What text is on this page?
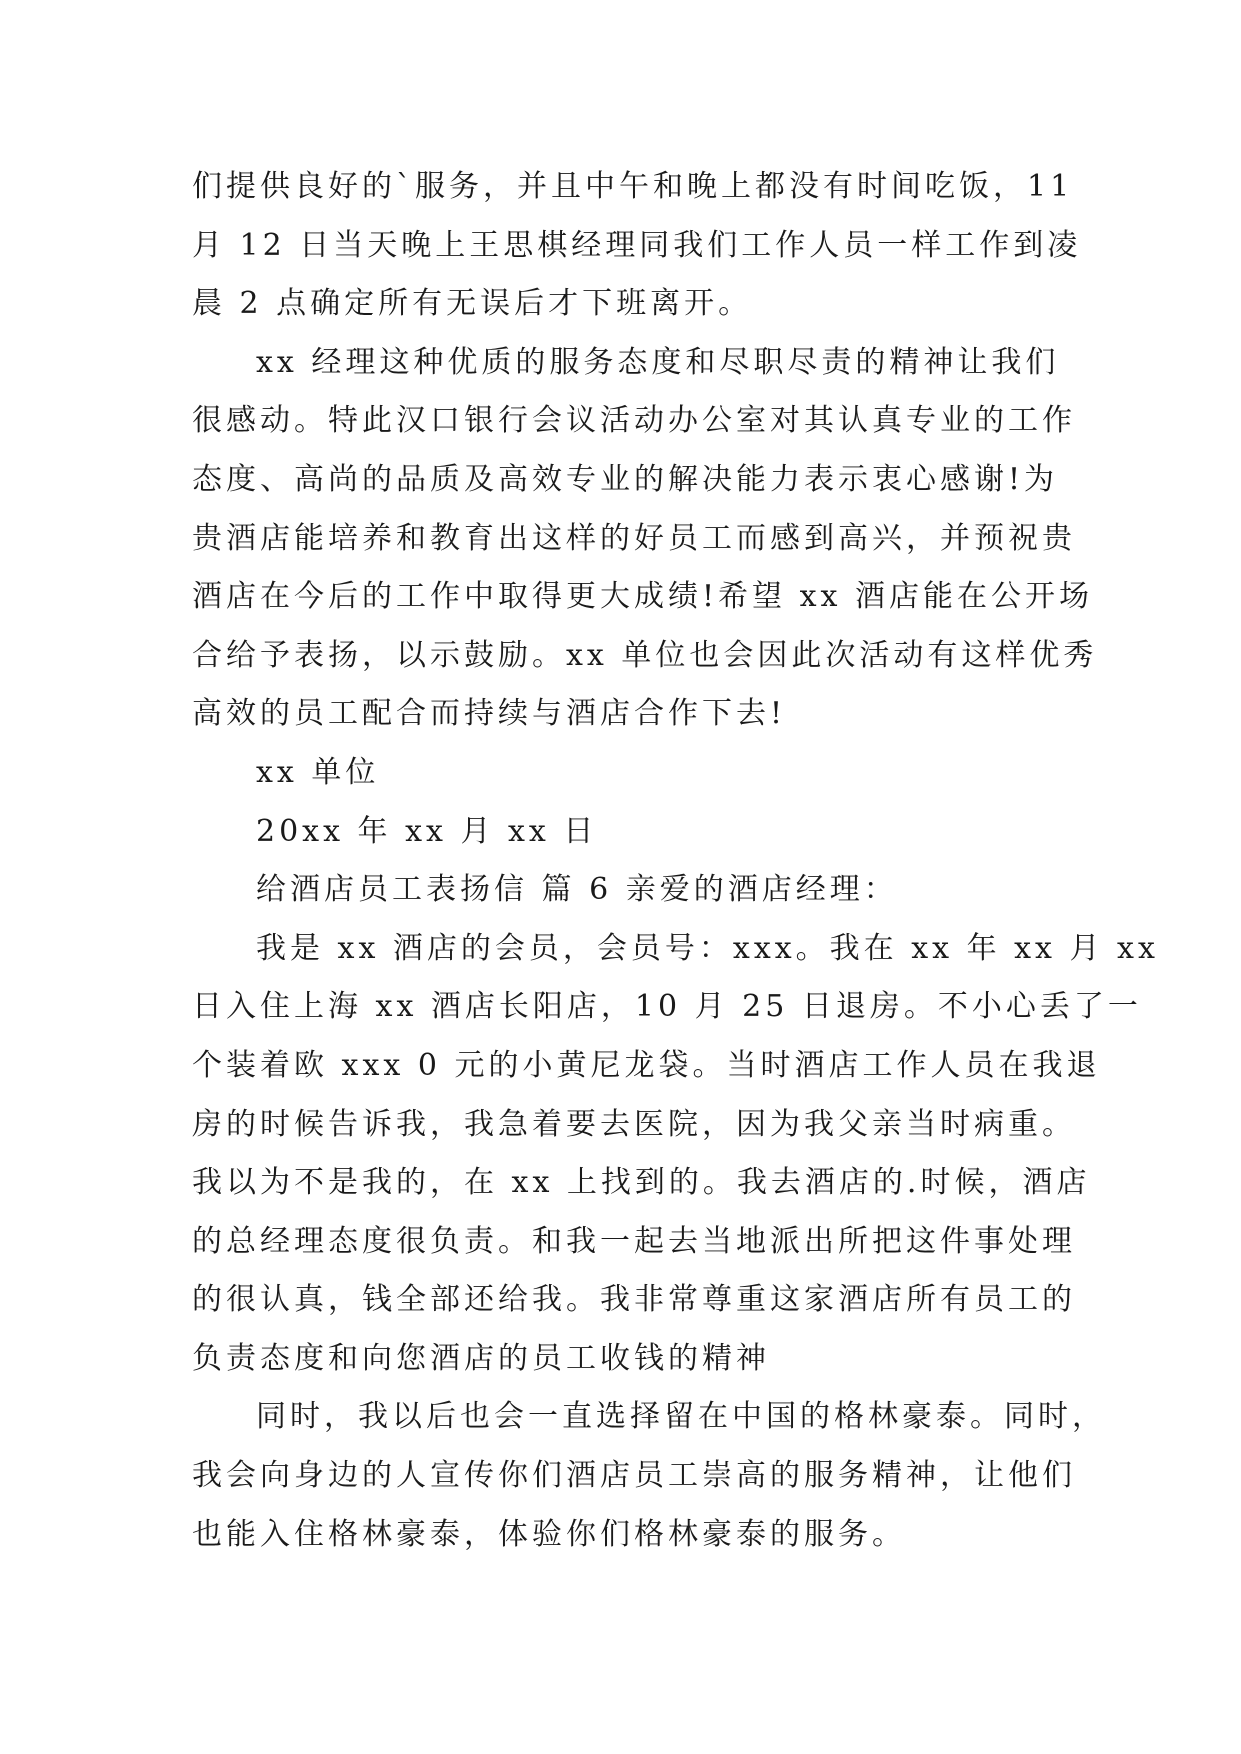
们提供良好的`服务，并且中午和晚上都没有时间吃饭，11
月 12 日当天晚上王思棋经理同我们工作人员一样工作到凌
晨 2 点确定所有无误后才下班离开。
xx 经理这种优质的服务态度和尽职尽责的精神让我们
很感动。特此汉口银行会议活动办公室对其认真专业的工作
态度、高尚的品质及高效专业的解决能力表示衷心感谢!为
贵酒店能培养和教育出这样的好员工而感到高兴，并预祝贵
酒店在今后的工作中取得更大成绩!希望 xx 酒店能在公开场
合给予表扬，以示鼓励。xx 单位也会因此次活动有这样优秀
高效的员工配合而持续与酒店合作下去!
xx 单位
20xx 年 xx 月 xx 日
给酒店员工表扬信 篇 6 亲爱的酒店经理：
我是 xx 酒店的会员，会员号：xxx。我在 xx 年 xx 月 xx
日入住上海 xx 酒店长阳店，10 月 25 日退房。不小心丢了一
个装着欧 xxx 0 元的小黄尼龙袋。当时酒店工作人员在我退
房的时候告诉我，我急着要去医院，因为我父亲当时病重。
我以为不是我的，在 xx 上找到的。我去酒店的.时候，酒店
的总经理态度很负责。和我一起去当地派出所把这件事处理
的很认真，钱全部还给我。我非常尊重这家酒店所有员工的
负责态度和向您酒店的员工收钱的精神
同时，我以后也会一直选择留在中国的格林豪泰。同时，
我会向身边的人宣传你们酒店员工崇高的服务精神，让他们
也能入住格林豪泰，体验你们格林豪泰的服务。
